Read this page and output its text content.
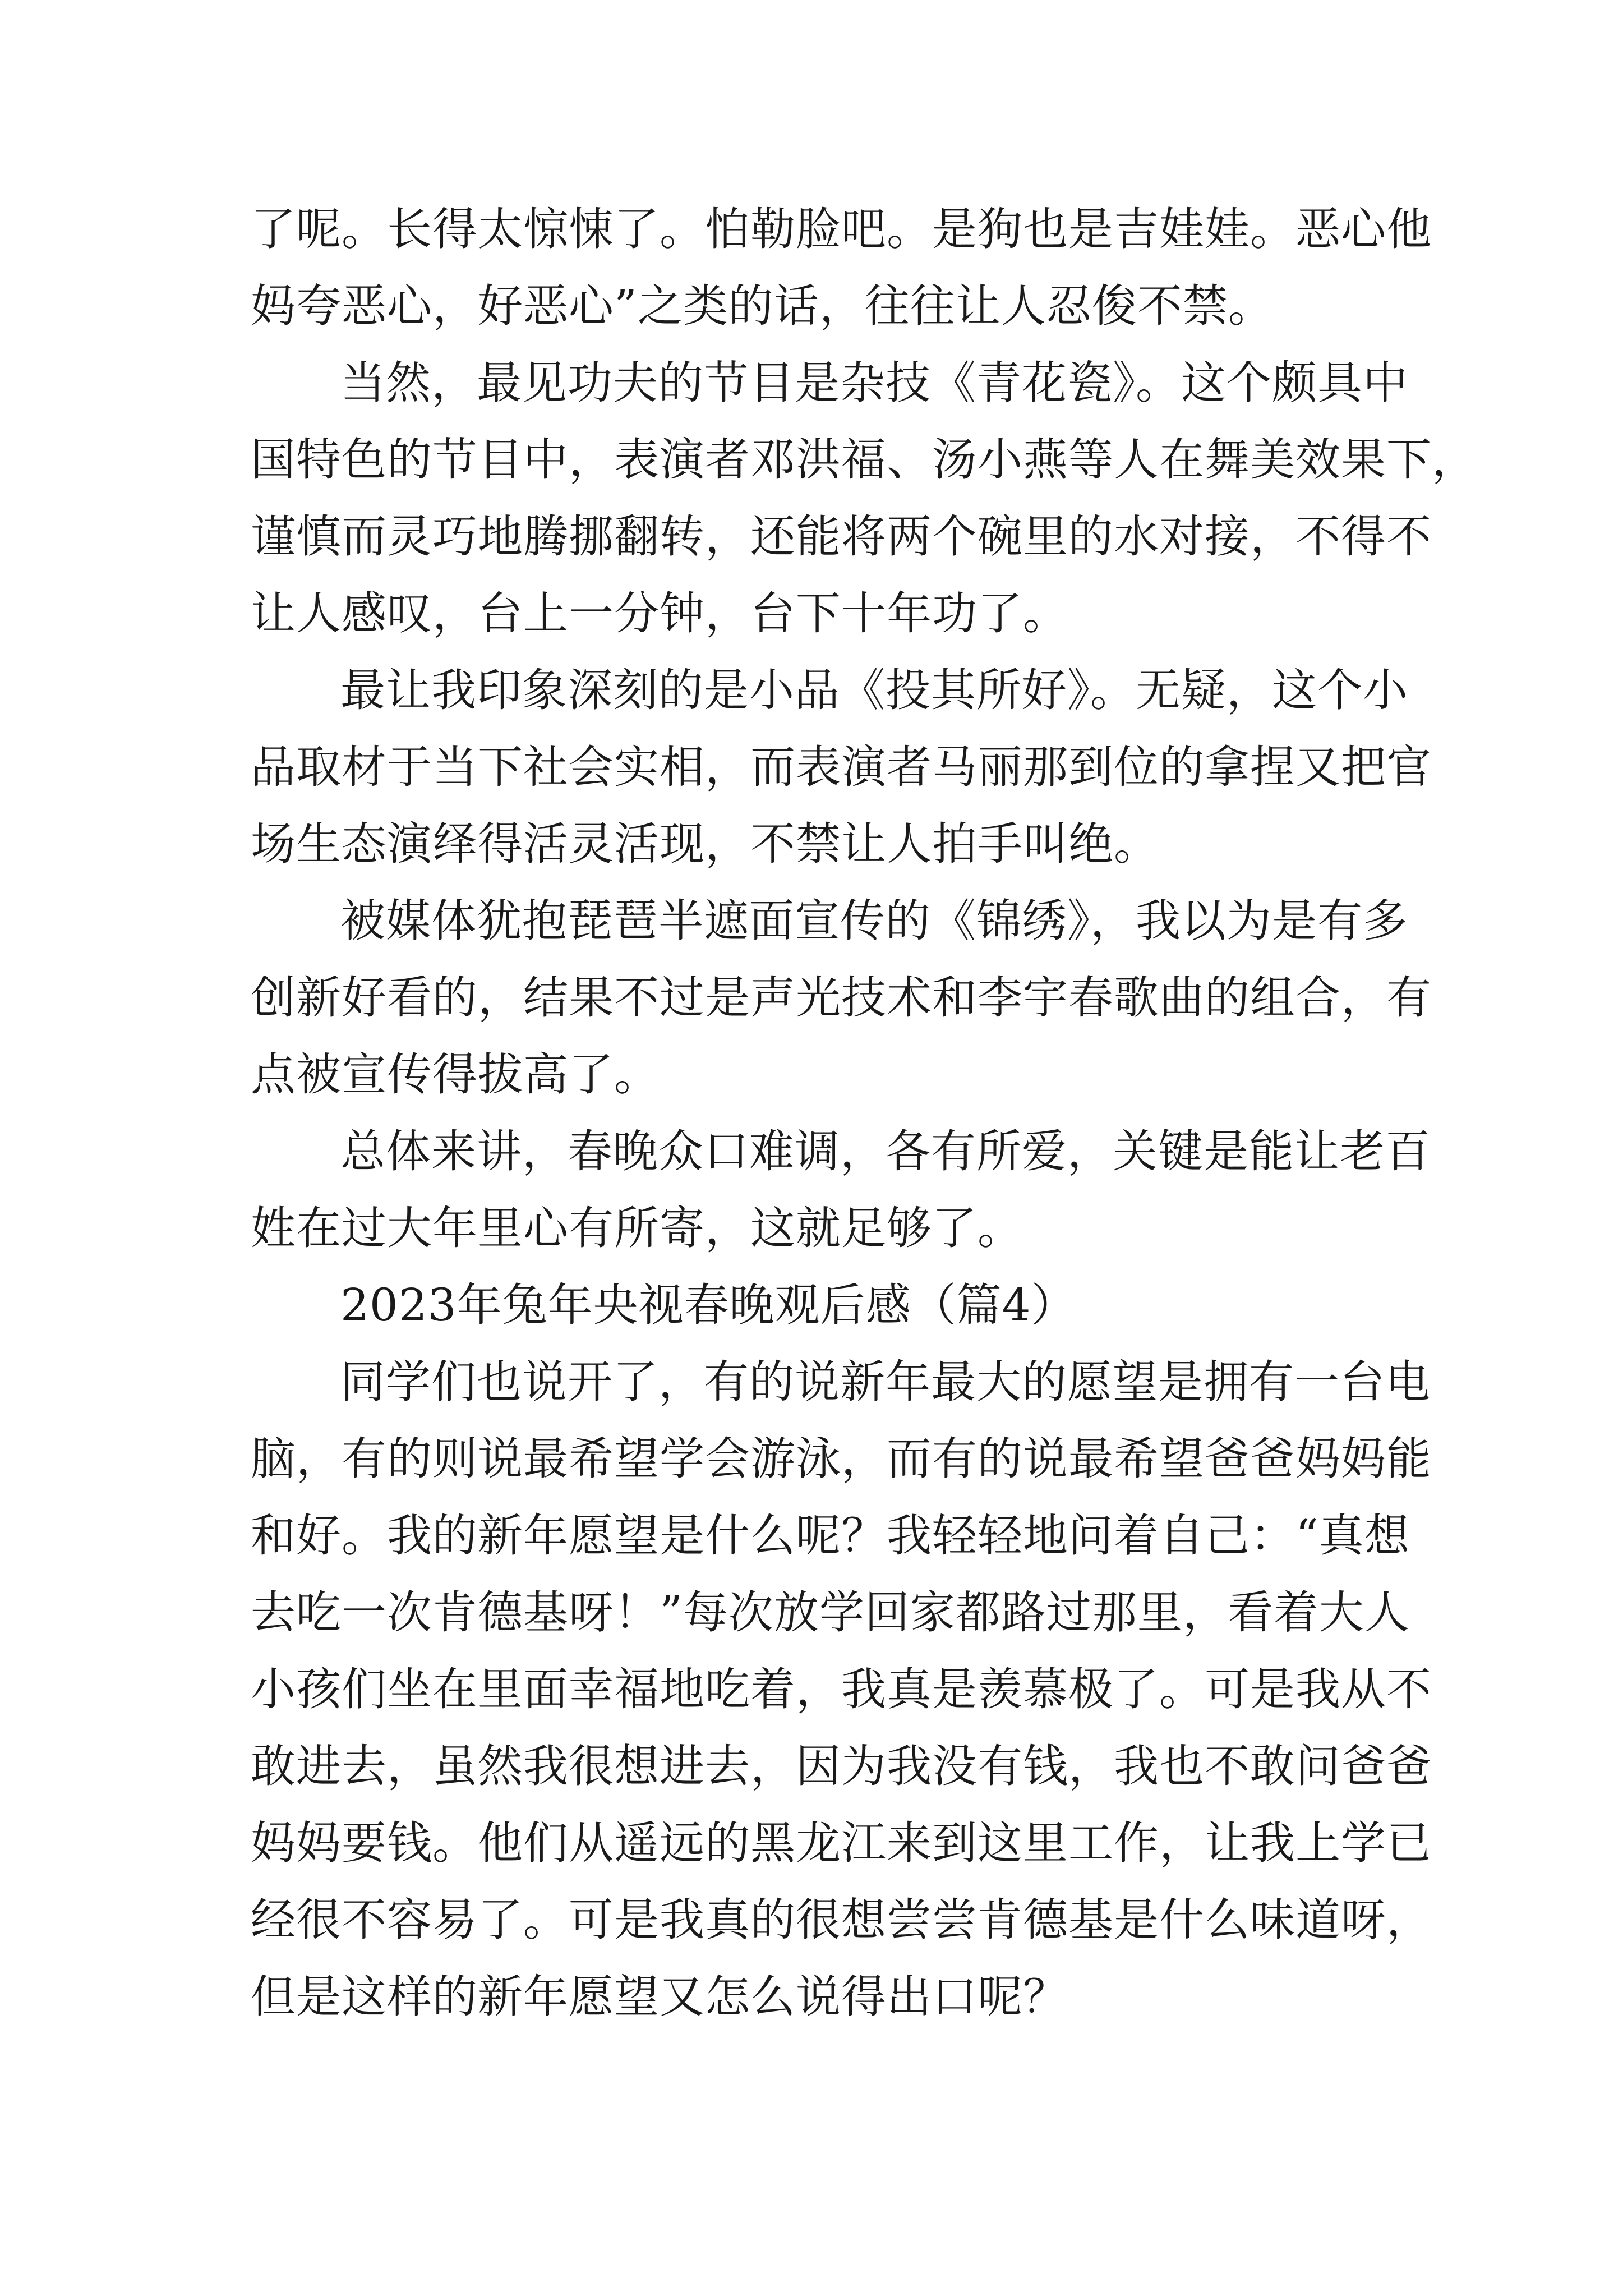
了呢。长得太惊悚了。怕勒脸吧。是狗也是吉娃娃。恶心他
妈夸恶心，好恶心”之类的话，往往让人忍俊不禁。
当然，最见功夫的节目是杂技《青花瓷》。这个颇具中
国特色的节目中，表演者邓洪福、汤小燕等人在舞美效果下，
谨慎而灵巧地腾挪翻转，还能将两个碗里的水对接，不得不
让人感叹，台上一分钟，台下十年功了。
最让我印象深刻的是小品《投其所好》。无疑，这个小
品取材于当下社会实相，而表演者马丽那到位的拿捏又把官
场生态演绎得活灵活现，不禁让人拍手叫绝。
被媒体犹抱琵琶半遮面宣传的《锦绣》，我以为是有多
创新好看的，结果不过是声光技术和李宇春歌曲的组合，有
点被宣传得拔高了。
总体来讲，春晚众口难调，各有所爱，关键是能让老百
姓在过大年里心有所寄，这就足够了。
2023年兔年央视春晚观后感（篇4）
同学们也说开了，有的说新年最大的愿望是拥有一台电
脑，有的则说最希望学会游泳，而有的说最希望爸爸妈妈能
和好。我的新年愿望是什么呢？我轻轻地问着自己：“真想
去吃一次肯德基呀！”每次放学回家都路过那里，看着大人
小孩们坐在里面幸福地吃着，我真是羡慕极了。可是我从不
敢进去，虽然我很想进去，因为我没有钱，我也不敢问爸爸
妈妈要钱。他们从遥远的黑龙江来到这里工作，让我上学已
经很不容易了。可是我真的很想尝尝肯德基是什么味道呀，
但是这样的新年愿望又怎么说得出口呢？
